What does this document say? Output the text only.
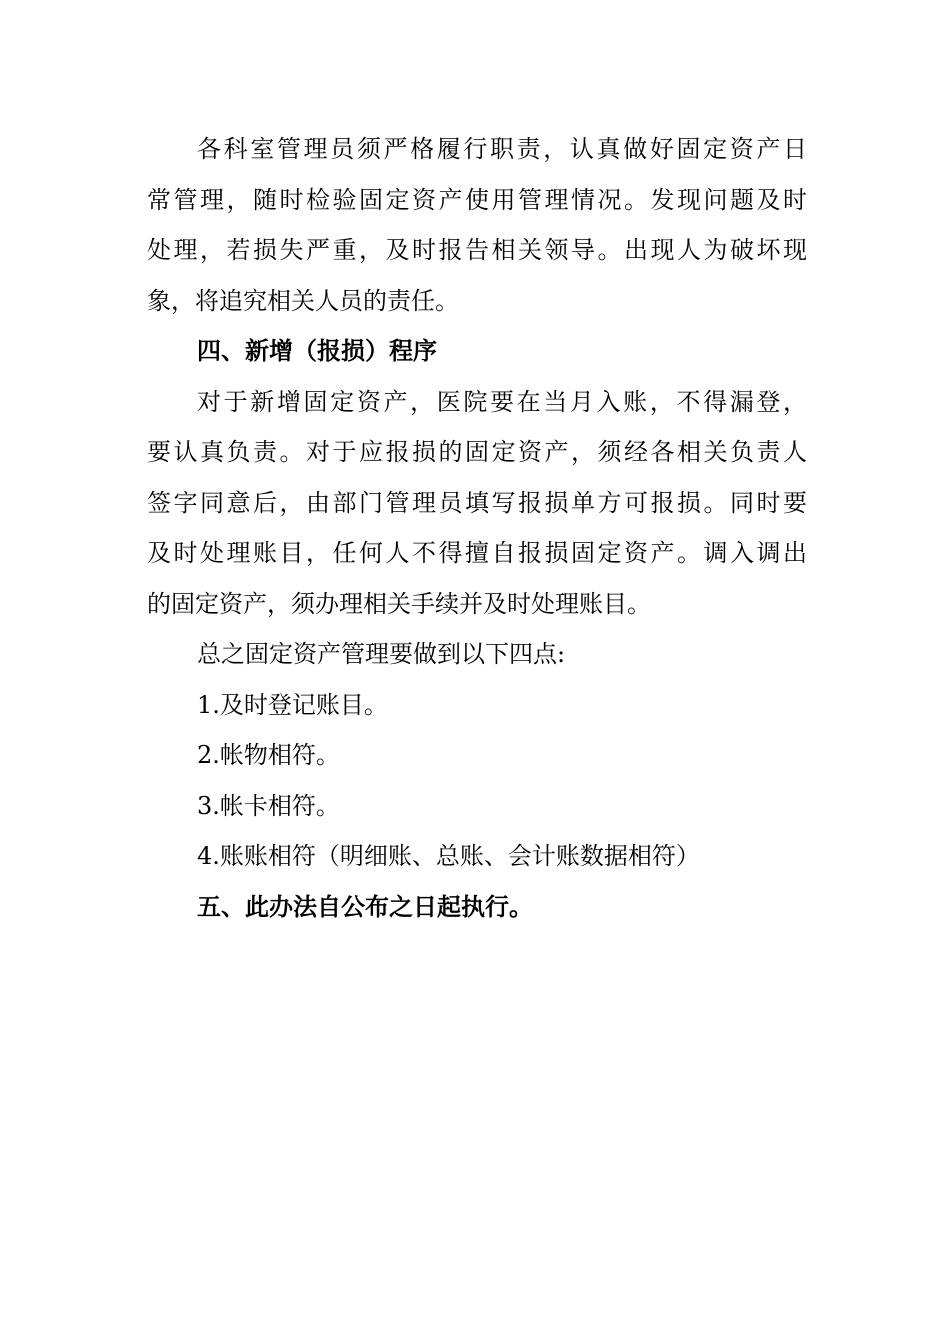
各科室管理员须严格履行职责，认真做好固定资产日
常管理，随时检验固定资产使用管理情况。发现问题及时
处理，若损失严重，及时报告相关领导。出现人为破坏现
象，将追究相关人员的责任。
四、新增（报损）程序
对于新增固定资产，医院要在当月入账，不得漏登，
要认真负责。对于应报损的固定资产，须经各相关负责人
签字同意后，由部门管理员填写报损单方可报损。同时要
及时处理账目，任何人不得擅自报损固定资产。调入调出
的固定资产，须办理相关手续并及时处理账目。
总之固定资产管理要做到以下四点:
1.及时登记账目。
2.帐物相符。
3.帐卡相符。
4.账账相符（明细账、总账、会计账数据相符）
五、此办法自公布之日起执行。
